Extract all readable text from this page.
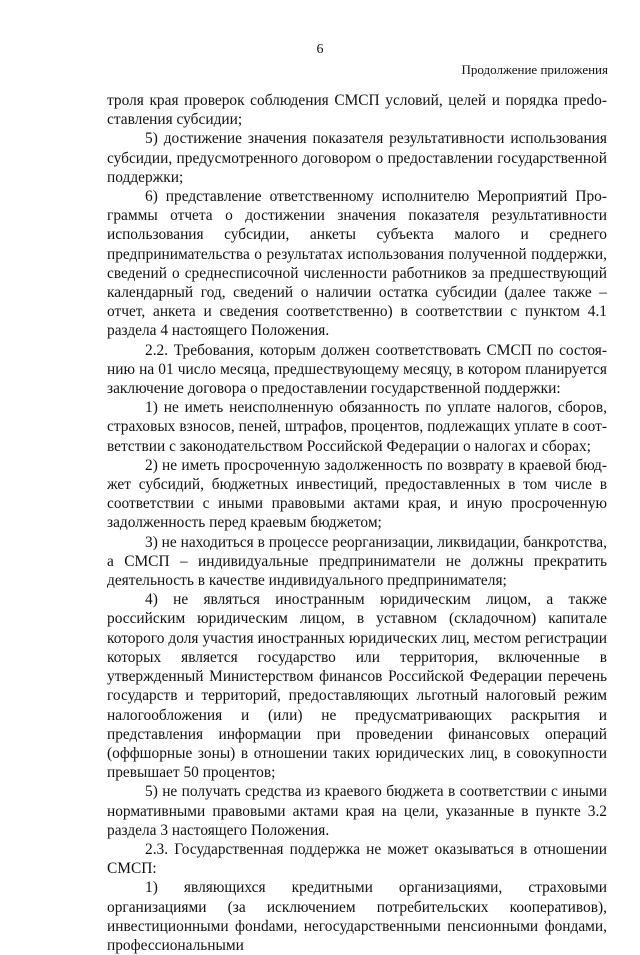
6
Продолжение приложения

троля края проверок соблюдения СМСП условий, целей и порядка преdоставления субсидии;

5) достижение значения показателя результативности использования субсидии, предусмотренного договором о предоставлении государственной поддержки;

6) представление ответственному исполнителю Мероприятий Программы отчета о достижении значения показателя результативности использования субсидии, анкеты субъекта малого и среднего предпринимательства о результатах использования полученной поддержки, сведений о среднесписочной численности работников за предшествующий календарный год, сведений о наличии остатка субсидии (далее также – отчет, анкета и сведения соответственно) в соответствии с пунктом 4.1 раздела 4 настоящего Положения.

2.2. Требования, которым должен соответствовать СМСП по состоянию на 01 число месяца, предшествующему месяцу, в котором планируется заключение договора о предоставлении государственной поддержки:

1) не иметь неисполненную обязанность по уплате налогов, сборов, страховых взносов, пеней, штрафов, процентов, подлежащих уплате в соответствии с законодательством Российской Федерации о налогах и сборах;

2) не иметь просроченную задолженность по возврату в краевой бюджет субсидий, бюджетных инвестиций, предоставленных в том числе в соответствии с иными правовыми актами края, и иную просроченную задолженность перед краевым бюджетом;

3) не находиться в процессе реорганизации, ликвидации, банкротства, а СМСП – индивидуальные предприниматели не должны прекратить деятельность в качестве индивидуального предпринимателя;

4) не являться иностранным юридическим лицом, а также российским юридическим лицом, в уставном (складочном) капитале которого доля участия иностранных юридических лиц, местом регистрации которых является государство или территория, включенные в утвержденный Министерством финансов Российской Федерации перечень государств и территорий, предоставляющих льготный налоговый режим налогообложения и (или) не предусматривающих раскрытия и представления информации при проведении финансовых операций (оффшорные зоны) в отношении таких юридических лиц, в совокупности превышает 50 процентов;

5) не получать средства из краевого бюджета в соответствии с иными нормативными правовыми актами края на цели, указанные в пункте 3.2 раздела 3 настоящего Положения.

2.3. Государственная поддержка не может оказываться в отношении СМСП:

1) являющихся кредитными организациями, страховыми организациями (за исключением потребительских кооперативов), инвестиционными фонdами, негосударственными пенсионными фондами, профессиональными
